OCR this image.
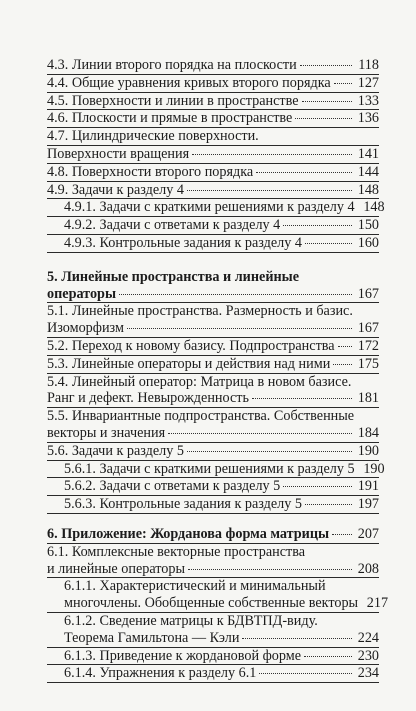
4.3. Линии второго порядка на плоскости	118
4.4. Общие уравнения кривых второго порядка 127
4.5. Поверхности и линии в пространстве	133
4.6. Плоскости и прямые в пространстве	136
4.7. Цилиндрические поверхности.
Поверхности вращения	141
4.8. Поверхности второго порядка	144
4.9. Задачи к разделу 4	148
4.9.1. Задачи с краткими решениями к разделу 4 148
4.9.2. Задачи с ответами к разделу 4	150
4.9.3. Контрольные задания к разделу 4	160
5. Линейные пространства и линейные
операторы	167
5.1. Линейные пространства. Размерность и базис.
Изоморфизм	167
5.2. Переход к новому базису. Подпространства 172
5.3. Линейные операторы и действия над ними 175
5.4. Линейный оператор: Матрица в новом базисе.
Ранг и дефект. Невырожденность	181
5.5. Инвариантные подпространства. Собственные
векторы и значения	184
5.6. Задачи к разделу 5	190
5.6.1. Задачи с краткими решениями к разделу 5 190
5.6.2. Задачи с ответами к разделу 5	191
5.6.3. Контрольные задания к разделу 5	197
6. Приложение: Жорданова форма матрицы 207
6.1. Комплексные векторные пространства
и линейные операторы	208
6.1.1. Характеристический и минимальный
многочлены. Обобщенные собственные векторы 217
6.1.2. Сведение матрицы к БДВТПД-виду.
Теорема Гамильтона — Кэли	224
6.1.3. Приведение к жордановой форме	230
6.1.4. Упражнения к разделу 6.1	234
